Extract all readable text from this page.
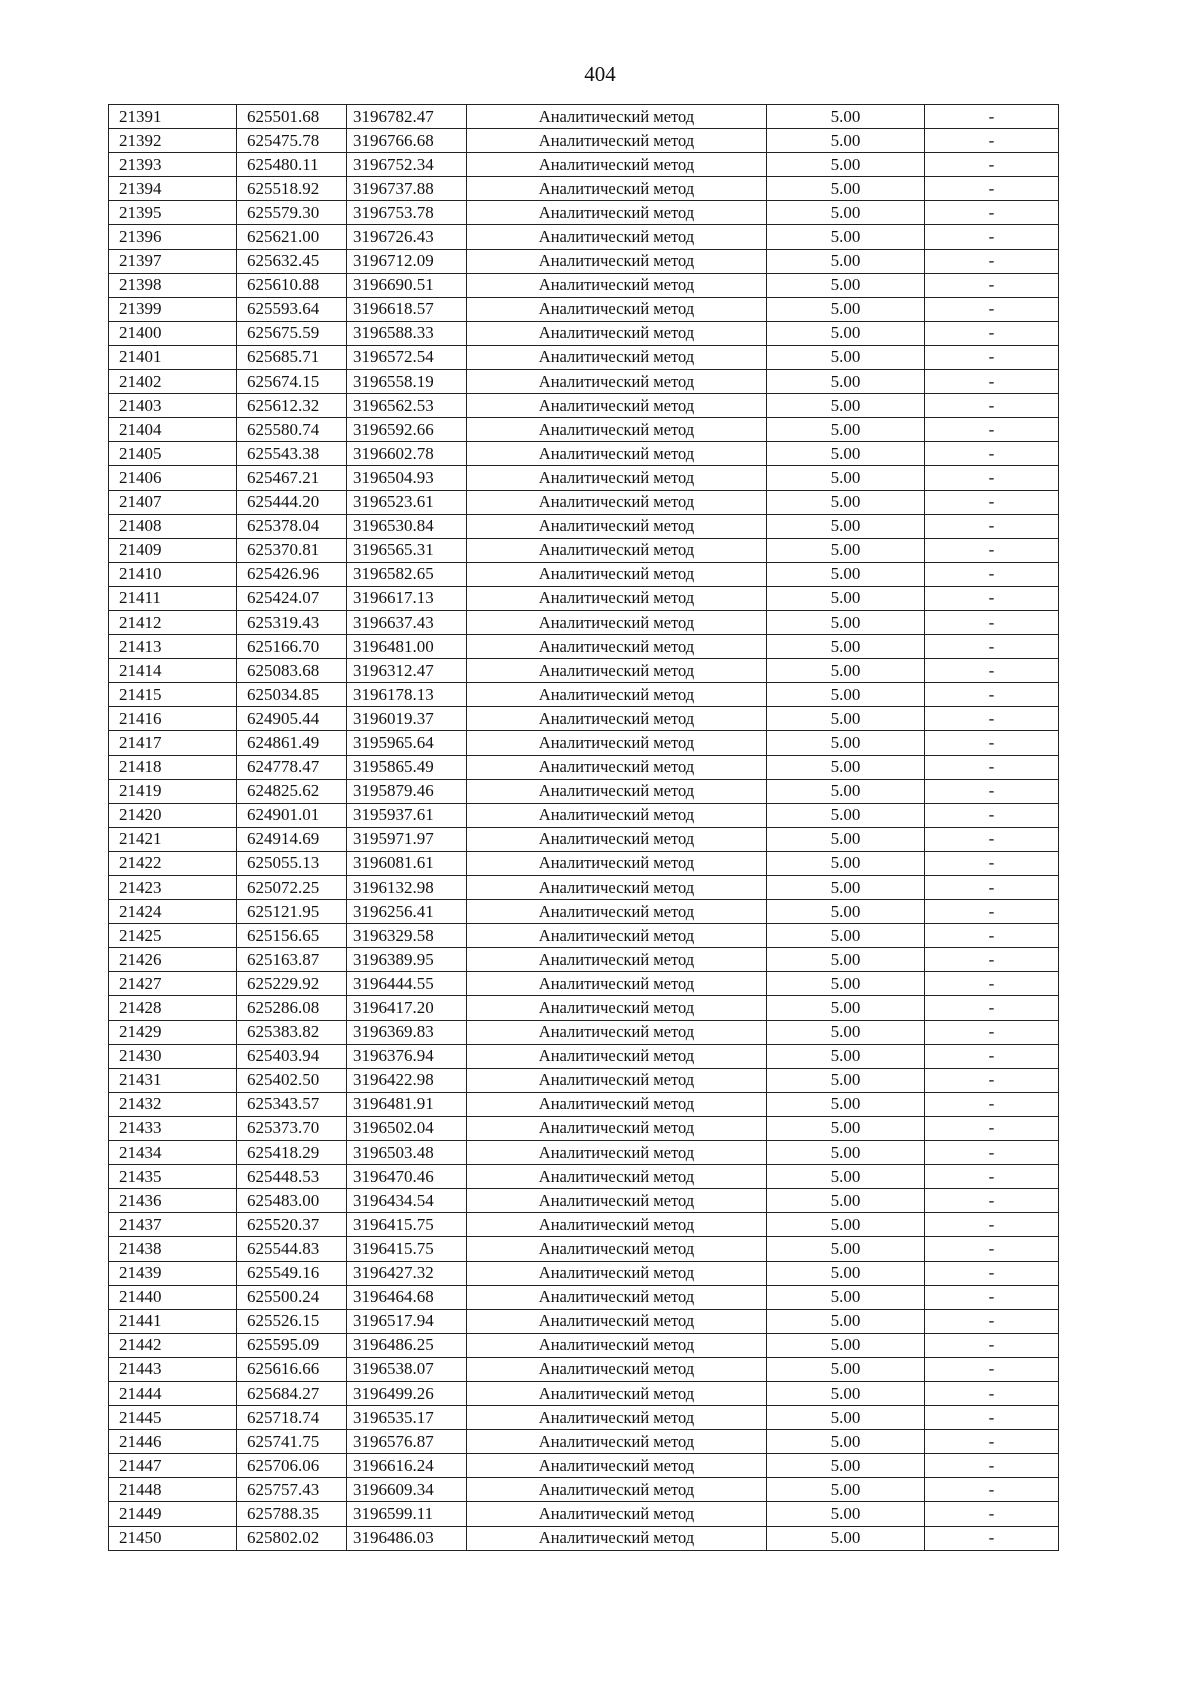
404
21391	625501.68	3196782.47	Аналитический метод	5.00	-
21392	625475.78	3196766.68	Аналитический метод	5.00	-
21393	625480.11	3196752.34	Аналитический метод	5.00	-
21394	625518.92	3196737.88	Аналитический метод	5.00	-
21395	625579.30	3196753.78	Аналитический метод	5.00	-
21396	625621.00	3196726.43	Аналитический метод	5.00	-
21397	625632.45	3196712.09	Аналитический метод	5.00	-
21398	625610.88	3196690.51	Аналитический метод	5.00	-
21399	625593.64	3196618.57	Аналитический метод	5.00	-
21400	625675.59	3196588.33	Аналитический метод	5.00	-
21401	625685.71	3196572.54	Аналитический метод	5.00	-
21402	625674.15	3196558.19	Аналитический метод	5.00	-
21403	625612.32	3196562.53	Аналитический метод	5.00	-
21404	625580.74	3196592.66	Аналитический метод	5.00	-
21405	625543.38	3196602.78	Аналитический метод	5.00	-
21406	625467.21	3196504.93	Аналитический метод	5.00	-
21407	625444.20	3196523.61	Аналитический метод	5.00	-
21408	625378.04	3196530.84	Аналитический метод	5.00	-
21409	625370.81	3196565.31	Аналитический метод	5.00	-
21410	625426.96	3196582.65	Аналитический метод	5.00	-
21411	625424.07	3196617.13	Аналитический метод	5.00	-
21412	625319.43	3196637.43	Аналитический метод	5.00	-
21413	625166.70	3196481.00	Аналитический метод	5.00	-
21414	625083.68	3196312.47	Аналитический метод	5.00	-
21415	625034.85	3196178.13	Аналитический метод	5.00	-
21416	624905.44	3196019.37	Аналитический метод	5.00	-
21417	624861.49	3195965.64	Аналитический метод	5.00	-
21418	624778.47	3195865.49	Аналитический метод	5.00	-
21419	624825.62	3195879.46	Аналитический метод	5.00	-
21420	624901.01	3195937.61	Аналитический метод	5.00	-
21421	624914.69	3195971.97	Аналитический метод	5.00	-
21422	625055.13	3196081.61	Аналитический метод	5.00	-
21423	625072.25	3196132.98	Аналитический метод	5.00	-
21424	625121.95	3196256.41	Аналитический метод	5.00	-
21425	625156.65	3196329.58	Аналитический метод	5.00	-
21426	625163.87	3196389.95	Аналитический метод	5.00	-
21427	625229.92	3196444.55	Аналитический метод	5.00	-
21428	625286.08	3196417.20	Аналитический метод	5.00	-
21429	625383.82	3196369.83	Аналитический метод	5.00	-
21430	625403.94	3196376.94	Аналитический метод	5.00	-
21431	625402.50	3196422.98	Аналитический метод	5.00	-
21432	625343.57	3196481.91	Аналитический метод	5.00	-
21433	625373.70	3196502.04	Аналитический метод	5.00	-
21434	625418.29	3196503.48	Аналитический метод	5.00	-
21435	625448.53	3196470.46	Аналитический метод	5.00	-
21436	625483.00	3196434.54	Аналитический метод	5.00	-
21437	625520.37	3196415.75	Аналитический метод	5.00	-
21438	625544.83	3196415.75	Аналитический метод	5.00	-
21439	625549.16	3196427.32	Аналитический метод	5.00	-
21440	625500.24	3196464.68	Аналитический метод	5.00	-
21441	625526.15	3196517.94	Аналитический метод	5.00	-
21442	625595.09	3196486.25	Аналитический метод	5.00	-
21443	625616.66	3196538.07	Аналитический метод	5.00	-
21444	625684.27	3196499.26	Аналитический метод	5.00	-
21445	625718.74	3196535.17	Аналитический метод	5.00	-
21446	625741.75	3196576.87	Аналитический метод	5.00	-
21447	625706.06	3196616.24	Аналитический метод	5.00	-
21448	625757.43	3196609.34	Аналитический метод	5.00	-
21449	625788.35	3196599.11	Аналитический метод	5.00	-
21450	625802.02	3196486.03	Аналитический метод	5.00	-
